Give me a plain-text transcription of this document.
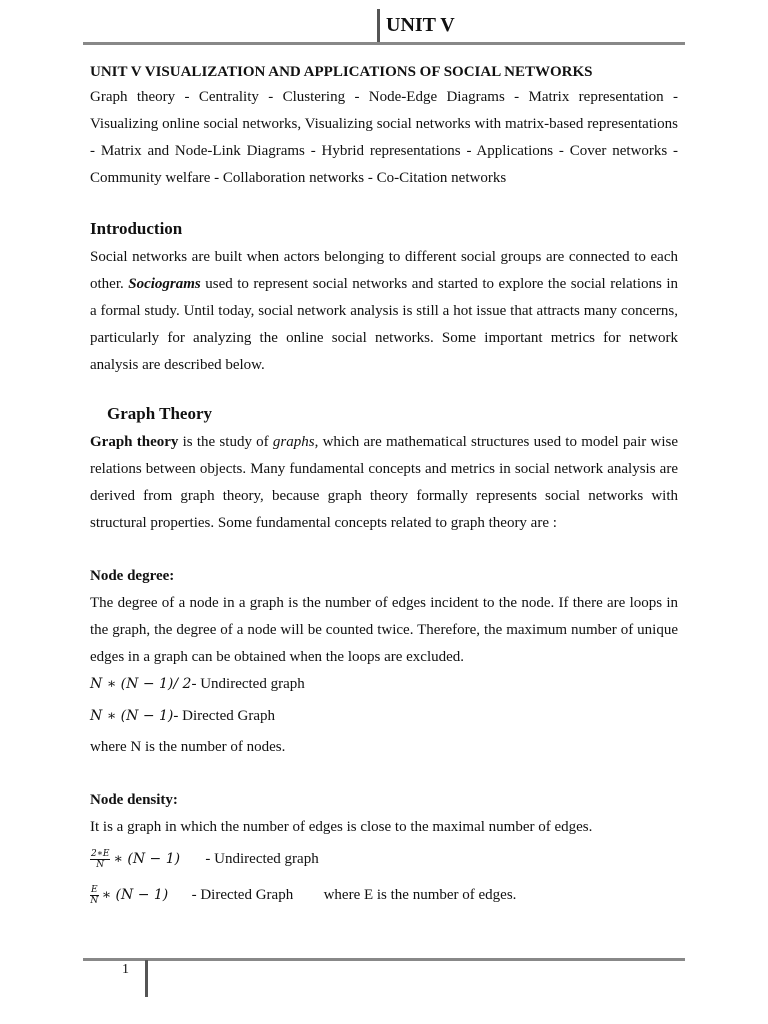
UNIT V

UNIT V VISUALIZATION AND APPLICATIONS OF SOCIAL NETWORKS

Graph theory - Centrality - Clustering - Node-Edge Diagrams - Matrix representation - Visualizing online social networks, Visualizing social networks with matrix-based representations - Matrix and Node-Link Diagrams - Hybrid representations - Applications - Cover networks - Community welfare - Collaboration networks - Co-Citation networks

Introduction

Social networks are built when actors belonging to different social groups are connected to each other. Sociograms used to represent social networks and started to explore the social relations in a formal study. Until today, social network analysis is still a hot issue that attracts many concerns, particularly for analyzing the online social networks. Some important metrics for network analysis are described below.

Graph Theory

Graph theory is the study of graphs, which are mathematical structures used to model pair wise relations between objects. Many fundamental concepts and metrics in social network analysis are derived from graph theory, because graph theory formally represents social networks with structural properties. Some fundamental concepts related to graph theory are :

Node degree:

The degree of a node in a graph is the number of edges incident to the node. If there are loops in the graph, the degree of a node will be counted twice. Therefore, the maximum number of unique edges in a graph can be obtained when the loops are excluded.

N ∗ (N − 1)/ 2 - Undirected graph
N ∗ (N − 1) - Directed Graph

where N is the number of nodes.

Node density:

It is a graph in which the number of edges is close to the maximal number of edges.

$\frac{2∗E}{N}$ ∗ (N − 1)	- Undirected graph
$\frac{E}{N}$ ∗ (N − 1)	- Directed Graph	where E is the number of edges.
1
